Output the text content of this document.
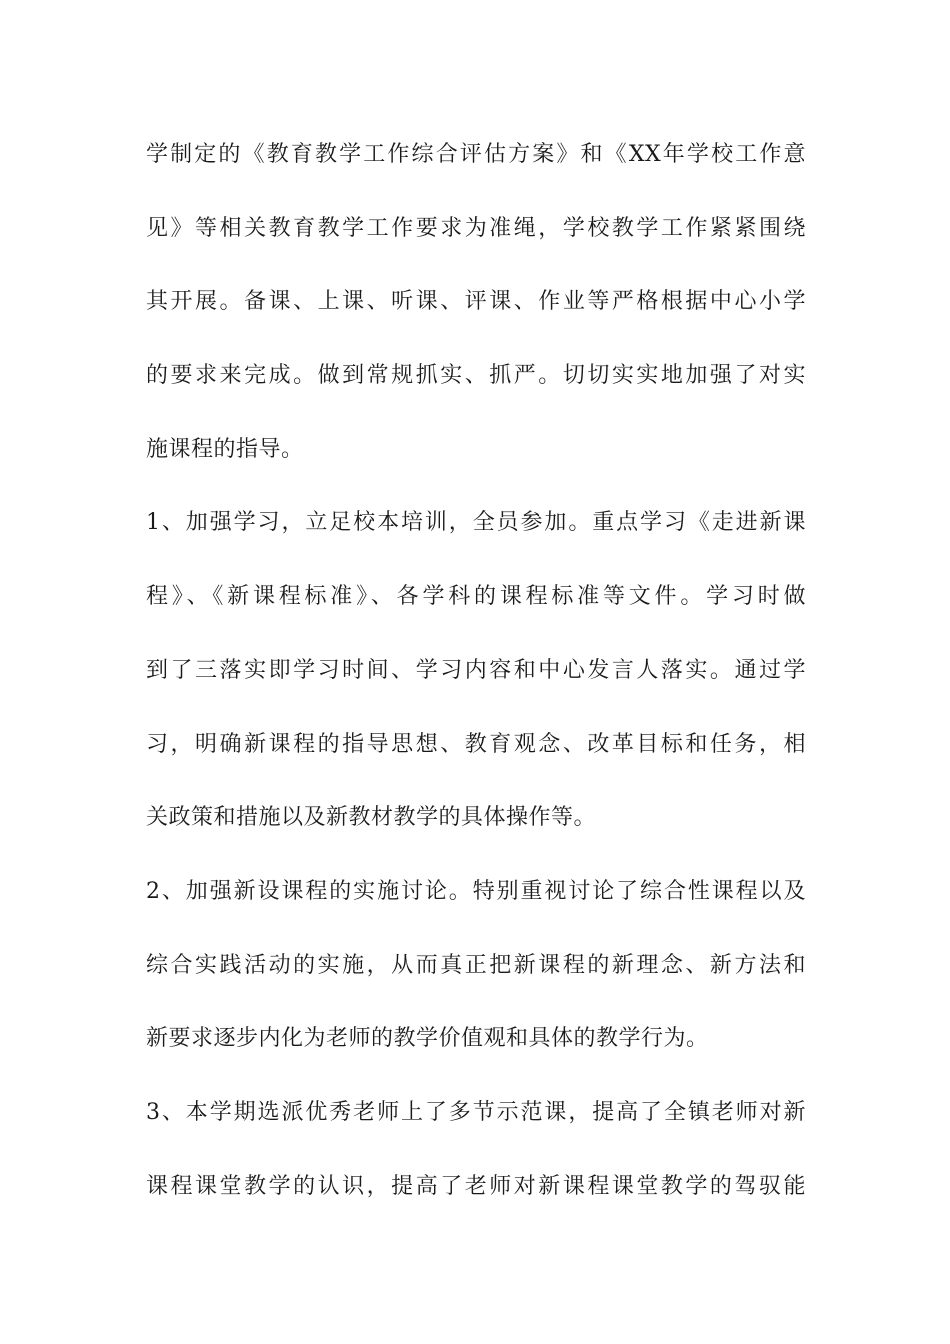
学制定的《教育教学工作综合评估方案》和《XX年学校工作意
见》等相关教育教学工作要求为准绳，学校教学工作紧紧围绕
其开展。备课、上课、听课、评课、作业等严格根据中心小学
的要求来完成。做到常规抓实、抓严。切切实实地加强了对实
施课程的指导。
1、加强学习，立足校本培训，全员参加。重点学习《走进新课
程》、《新课程标准》、各学科的课程标准等文件。学习时做
到了三落实即学习时间、学习内容和中心发言人落实。通过学
习，明确新课程的指导思想、教育观念、改革目标和任务，相
关政策和措施以及新教材教学的具体操作等。
2、加强新设课程的实施讨论。特别重视讨论了综合性课程以及
综合实践活动的实施，从而真正把新课程的新理念、新方法和
新要求逐步内化为老师的教学价值观和具体的教学行为。
3、本学期选派优秀老师上了多节示范课，提高了全镇老师对新
课程课堂教学的认识，提高了老师对新课程课堂教学的驾驭能
